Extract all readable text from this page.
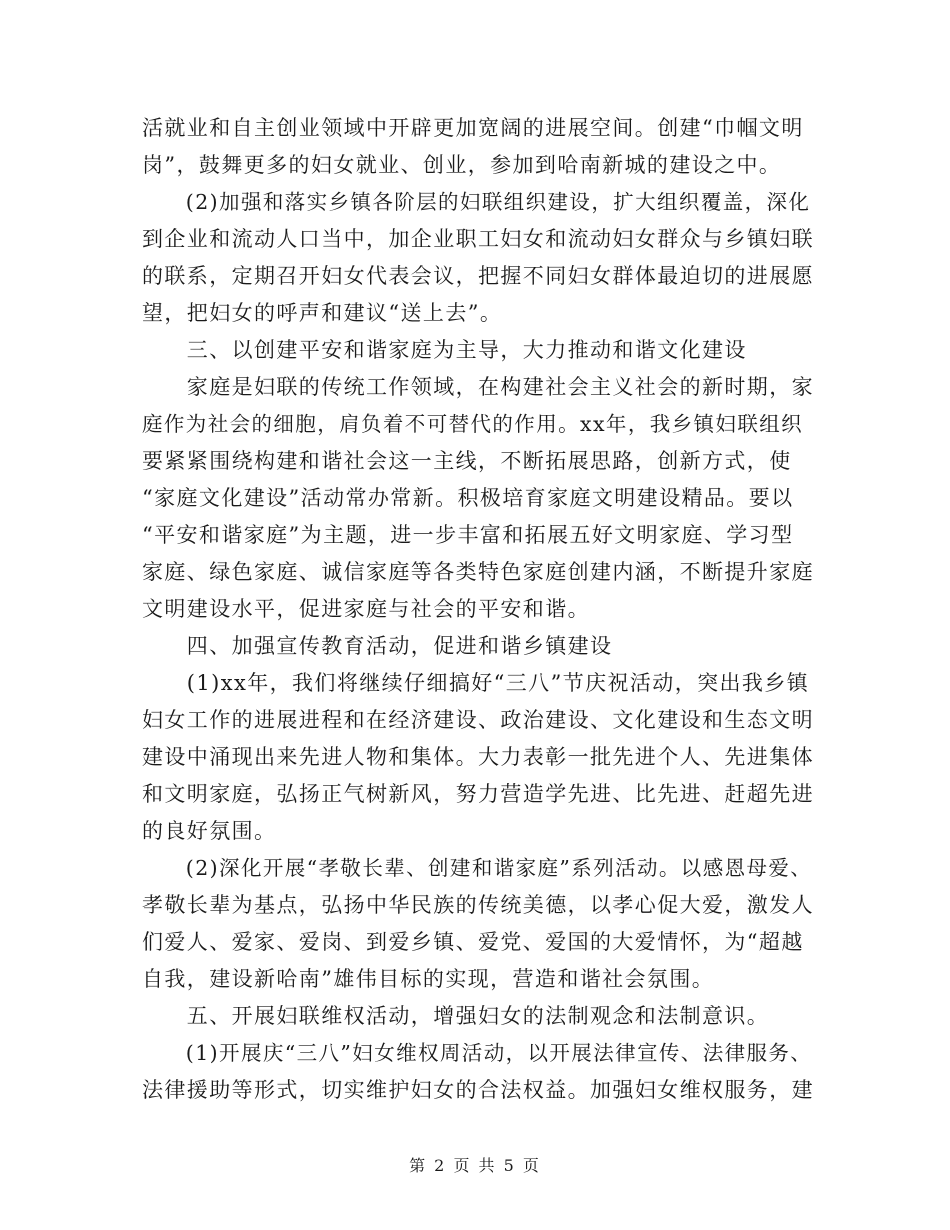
活就业和自主创业领域中开辟更加宽阔的进展空间。创建“巾帼文明
岗”，鼓舞更多的妇女就业、创业，参加到哈南新城的建设之中。
　　(2)加强和落实乡镇各阶层的妇联组织建设，扩大组织覆盖，深化
到企业和流动人口当中，加企业职工妇女和流动妇女群众与乡镇妇联
的联系，定期召开妇女代表会议，把握不同妇女群体最迫切的进展愿
望，把妇女的呼声和建议“送上去”。
　　三、以创建平安和谐家庭为主导，大力推动和谐文化建设
　　家庭是妇联的传统工作领域，在构建社会主义社会的新时期，家
庭作为社会的细胞，肩负着不可替代的作用。xx年，我乡镇妇联组织
要紧紧围绕构建和谐社会这一主线，不断拓展思路，创新方式，使
“家庭文化建设”活动常办常新。积极培育家庭文明建设精品。要以
“平安和谐家庭”为主题，进一步丰富和拓展五好文明家庭、学习型
家庭、绿色家庭、诚信家庭等各类特色家庭创建内涵，不断提升家庭
文明建设水平，促进家庭与社会的平安和谐。
　　四、加强宣传教育活动，促进和谐乡镇建设
　　(1)xx年，我们将继续仔细搞好“三八”节庆祝活动，突出我乡镇
妇女工作的进展进程和在经济建设、政治建设、文化建设和生态文明
建设中涌现出来先进人物和集体。大力表彰一批先进个人、先进集体
和文明家庭，弘扬正气树新风，努力营造学先进、比先进、赶超先进
的良好氛围。
　　(2)深化开展“孝敬长辈、创建和谐家庭”系列活动。以感恩母爱、
孝敬长辈为基点，弘扬中华民族的传统美德，以孝心促大爱，激发人
们爱人、爱家、爱岗、到爱乡镇、爱党、爱国的大爱情怀，为“超越
自我，建设新哈南”雄伟目标的实现，营造和谐社会氛围。
　　五、开展妇联维权活动，增强妇女的法制观念和法制意识。
　　(1)开展庆“三八”妇女维权周活动，以开展法律宣传、法律服务、
法律援助等形式，切实维护妇女的合法权益。加强妇女维权服务，建
第 2 页 共 5 页
